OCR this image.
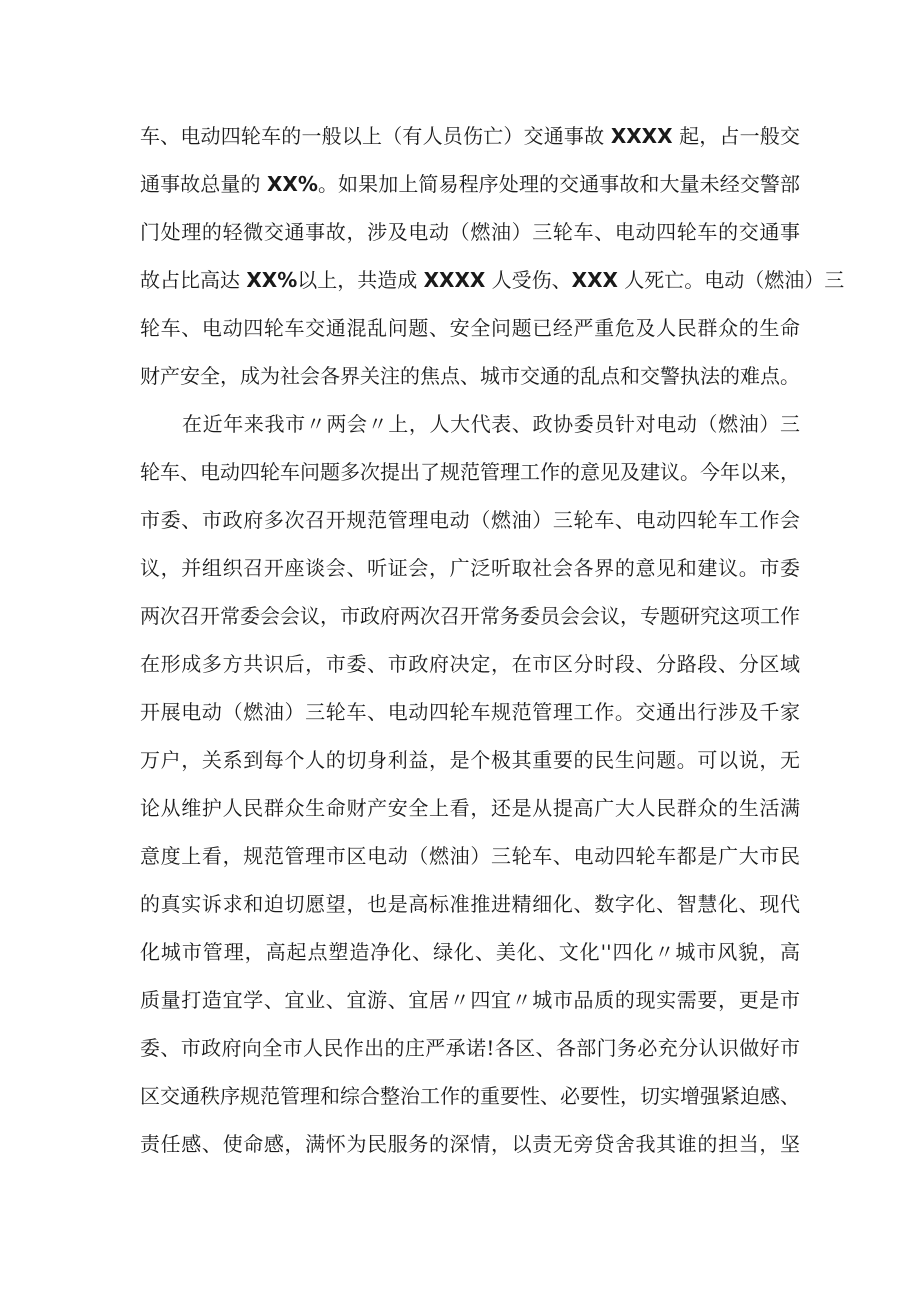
车、电动四轮车的一般以上（有人员伤亡）交通事故 XXXX 起，占一般交
通事故总量的 XX%。如果加上简易程序处理的交通事故和大量未经交警部
门处理的轻微交通事故，涉及电动（燃油）三轮车、电动四轮车的交通事
故占比高达 XX%以上，共造成 XXXX 人受伤、XXX 人死亡。电动（燃油）三
轮车、电动四轮车交通混乱问题、安全问题已经严重危及人民群众的生命
财产安全，成为社会各界关注的焦点、城市交通的乱点和交警执法的难点。
在近年来我市〃两会〃上，人大代表、政协委员针对电动（燃油）三
轮车、电动四轮车问题多次提出了规范管理工作的意见及建议。今年以来，
市委、市政府多次召开规范管理电动（燃油）三轮车、电动四轮车工作会
议，并组织召开座谈会、听证会，广泛听取社会各界的意见和建议。市委
两次召开常委会会议，市政府两次召开常务委员会会议，专题研究这项工作
在形成多方共识后，市委、市政府决定，在市区分时段、分路段、分区域
开展电动（燃油）三轮车、电动四轮车规范管理工作。交通出行涉及千家
万户，关系到每个人的切身利益，是个极其重要的民生问题。可以说，无
论从维护人民群众生命财产安全上看，还是从提高广大人民群众的生活满
意度上看，规范管理市区电动（燃油）三轮车、电动四轮车都是广大市民
的真实诉求和迫切愿望，也是高标准推进精细化、数字化、智慧化、现代
化城市管理，高起点塑造净化、绿化、美化、文化''四化〃城市风貌，高
质量打造宜学、宜业、宜游、宜居〃四宜〃城市品质的现实需要，更是市
委、市政府向全市人民作出的庄严承诺!各区、各部门务必充分认识做好市
区交通秩序规范管理和综合整治工作的重要性、必要性，切实增强紧迫感、
责任感、使命感，满怀为民服务的深情，以责无旁贷舍我其谁的担当，坚
